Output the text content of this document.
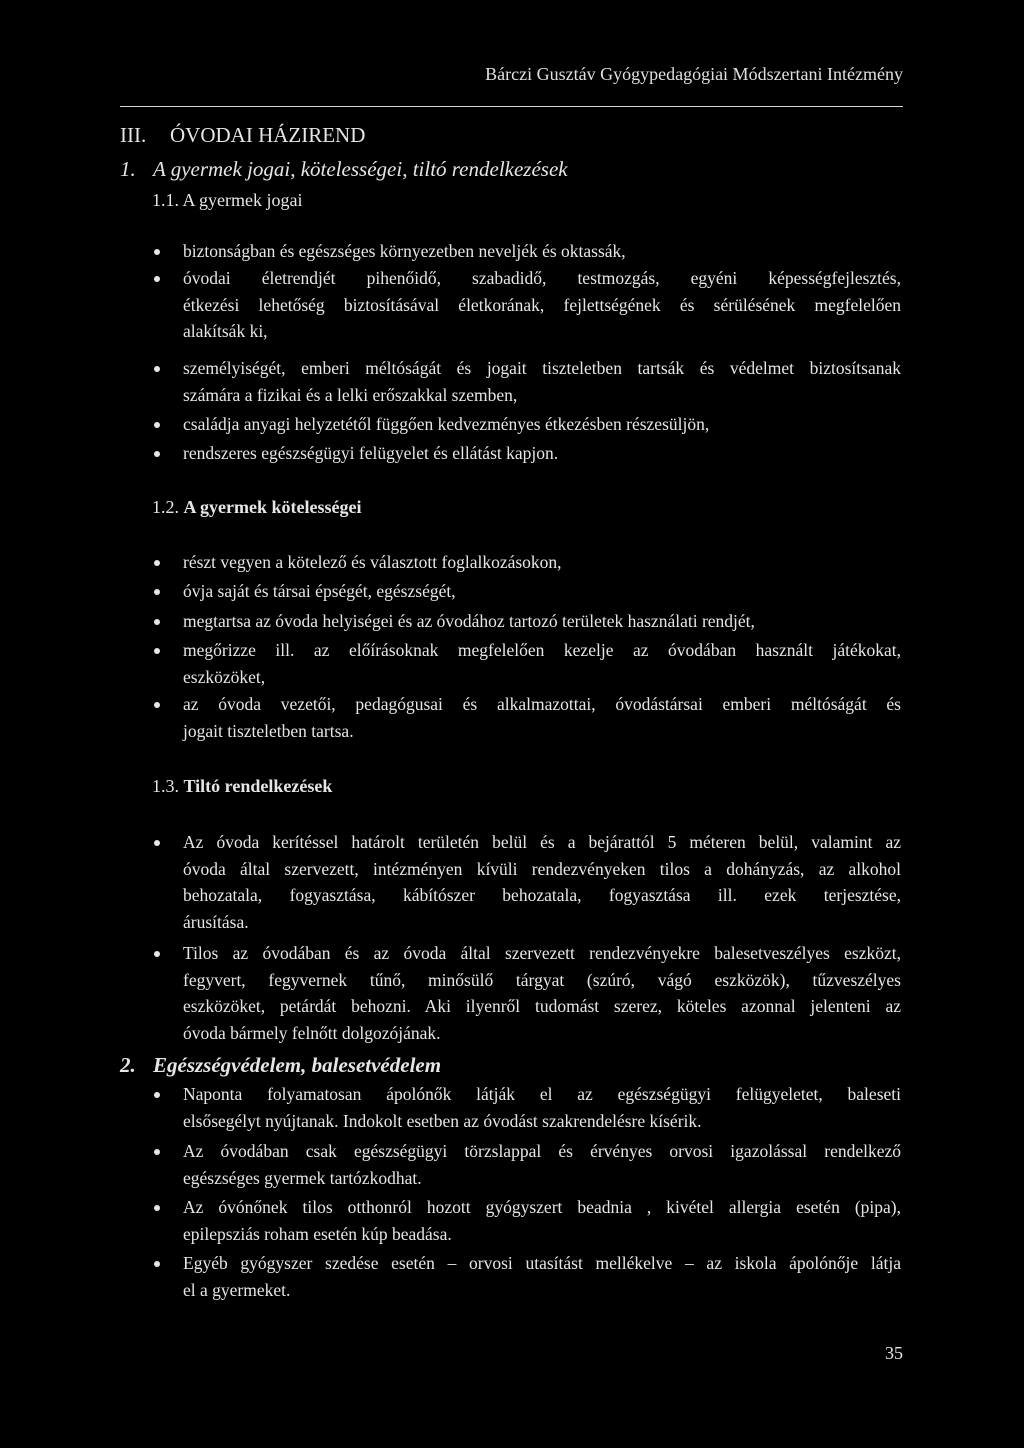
Bárczi Gusztáv Gyógypedagógiai Módszertani Intézmény
III. ÓVODAI HÁZIREND
1. A gyermek jogai, kötelességei, tiltó rendelkezések
1.1. A gyermek jogai
biztonságban és egészséges környezetben neveljék és oktassák,
óvodai életrendjét pihenőidő, szabadidő, testmozgás, egyéni képességfejlesztés,
étkezési lehetőség biztosításával életkorának, fejlettségének és sérülésének megfelelően
alakítsák ki,
személyiségét, emberi méltóságát és jogait tiszteletben tartsák és védelmet biztosítsanak
számára a fizikai és a lelki erőszakkal szemben,
családja anyagi helyzetétől függően kedvezményes étkezésben részesüljön,
rendszeres egészségügyi felügyelet és ellátást kapjon.
1.2. A gyermek kötelességei
részt vegyen a kötelező és választott foglalkozásokon,
óvja saját és társai épségét, egészségét,
megtartsa az óvoda helyiségei és az óvodához tartozó területek használati rendjét,
megőrizze ill. az előírásoknak megfelelően kezelje az óvodában használt játékokat,
eszközöket,
az óvoda vezetői, pedagógusai és alkalmazottai, óvodástársai emberi méltóságát és
jogait tiszteletben tartsa.
1.3. Tiltó rendelkezések
Az óvoda kerítéssel határolt területén belül és a bejárattól 5 méteren belül, valamint az
óvoda által szervezett, intézményen kívüli rendezvényeken tilos a dohányzás, az alkohol
behozatala, fogyasztása, kábítószer behozatala, fogyasztása ill. ezek terjesztése,
árusítása.
Tilos az óvodában és az óvoda által szervezett rendezvényekre balesetveszélyes eszközt,
fegyvert, fegyvernek tűnő, minősülő tárgyat (szúró, vágó eszközök), tűzveszélyes
eszközöket, petárdát behozni. Aki ilyenről tudomást szerez, köteles azonnal jelenteni az
óvoda bármely felnőtt dolgozójának.
2. Egészségvédelem, balesetvédelem
Naponta folyamatosan ápolónők látják el az egészségügyi felügyeletet, baleseti
elsősegélyt nyújtanak. Indokolt esetben az óvodást szakrendelésre kísérik.
Az óvodában csak egészségügyi törzslappal és érvényes orvosi igazolással rendelkező
egészséges gyermek tartózkodhat.
Az óvónőnek tilos otthonról hozott gyógyszert beadnia , kivétel allergia esetén (pipa),
epilepsziás roham esetén kúp beadása.
Egyéb gyógyszer szedése esetén – orvosi utasítást mellékelve – az iskola ápolónője látja
el a gyermeket.
35
